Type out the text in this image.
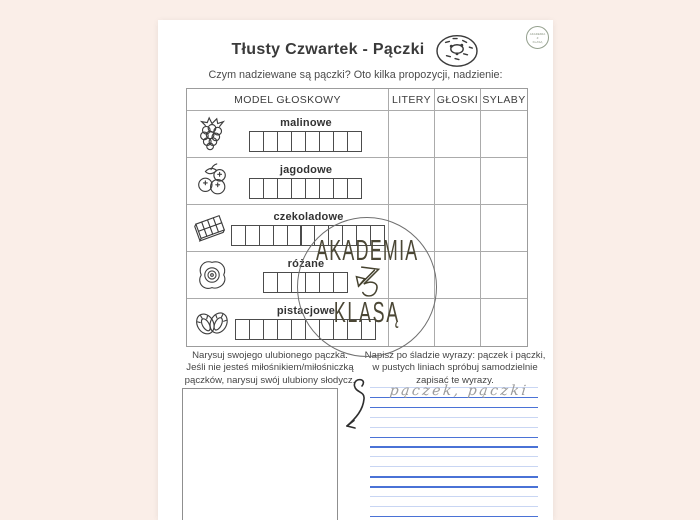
AKADEMIA
Z
KLASĄ
Tłusty Czwartek - Pączki
Czym nadziewane są pączki? Oto kilka propozycji, nadzienie:
MODEL GŁOSKOWY	LITERY GŁOSKI SYLABY
malinowe
jagodowe
czekoladowe
różane
pistacjowe
AKADEMIA
KLASĄ
Narysuj swojego ulubionego pączka.
Jeśli nie jesteś miłośnikiem/miłośniczką
pączków, narysuj swój ulubiony słodycz.
Napisz po śladzie wyrazy: pączek i pączki,
w pustych liniach spróbuj samodzielnie
zapisać te wyrazy.
pączek, pączki
